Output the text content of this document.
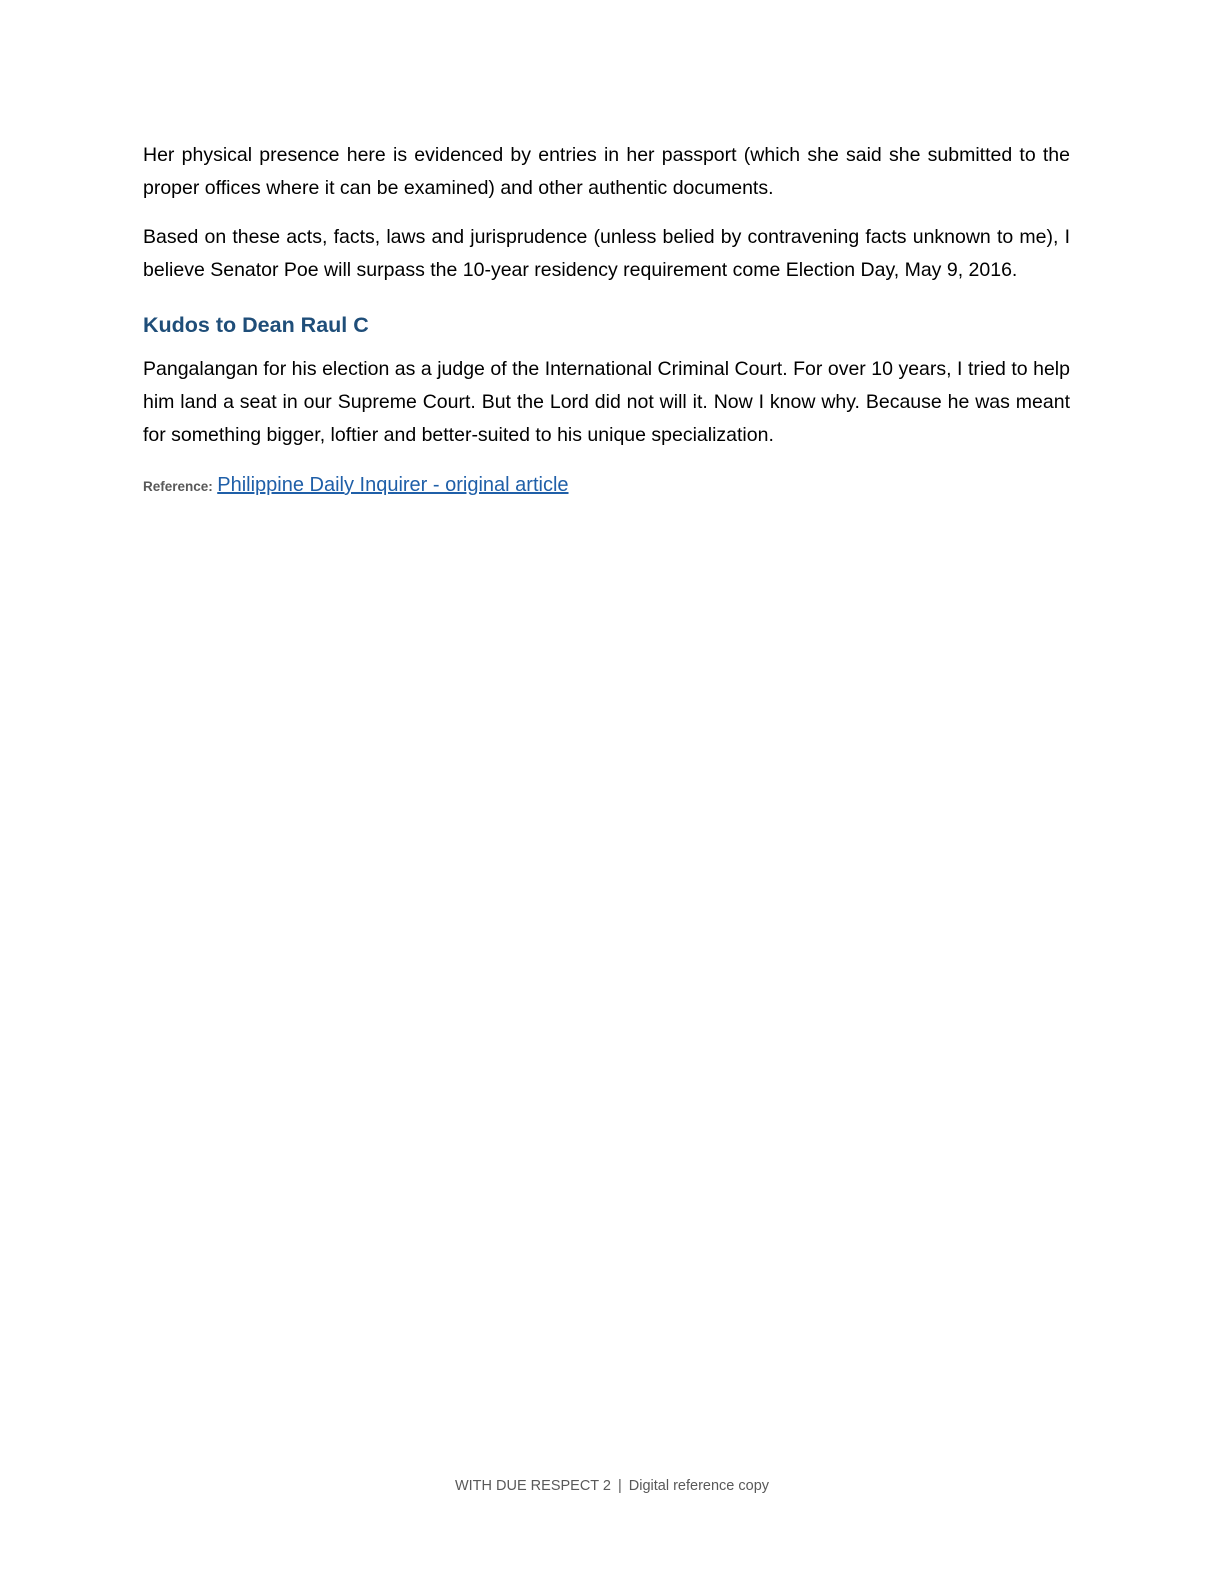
Her physical presence here is evidenced by entries in her passport (which she said she submitted to the proper offices where it can be examined) and other authentic documents.

Based on these acts, facts, laws and jurisprudence (unless belied by contravening facts unknown to me), I believe Senator Poe will surpass the 10-year residency requirement come Election Day, May 9, 2016.

Kudos to Dean Raul C

Pangalangan for his election as a judge of the International Criminal Court. For over 10 years, I tried to help him land a seat in our Supreme Court. But the Lord did not will it. Now I know why. Because he was meant for something bigger, loftier and better-suited to his unique specialization.

Reference: Philippine Daily Inquirer - original article
WITH DUE RESPECT 2 | Digital reference copy
